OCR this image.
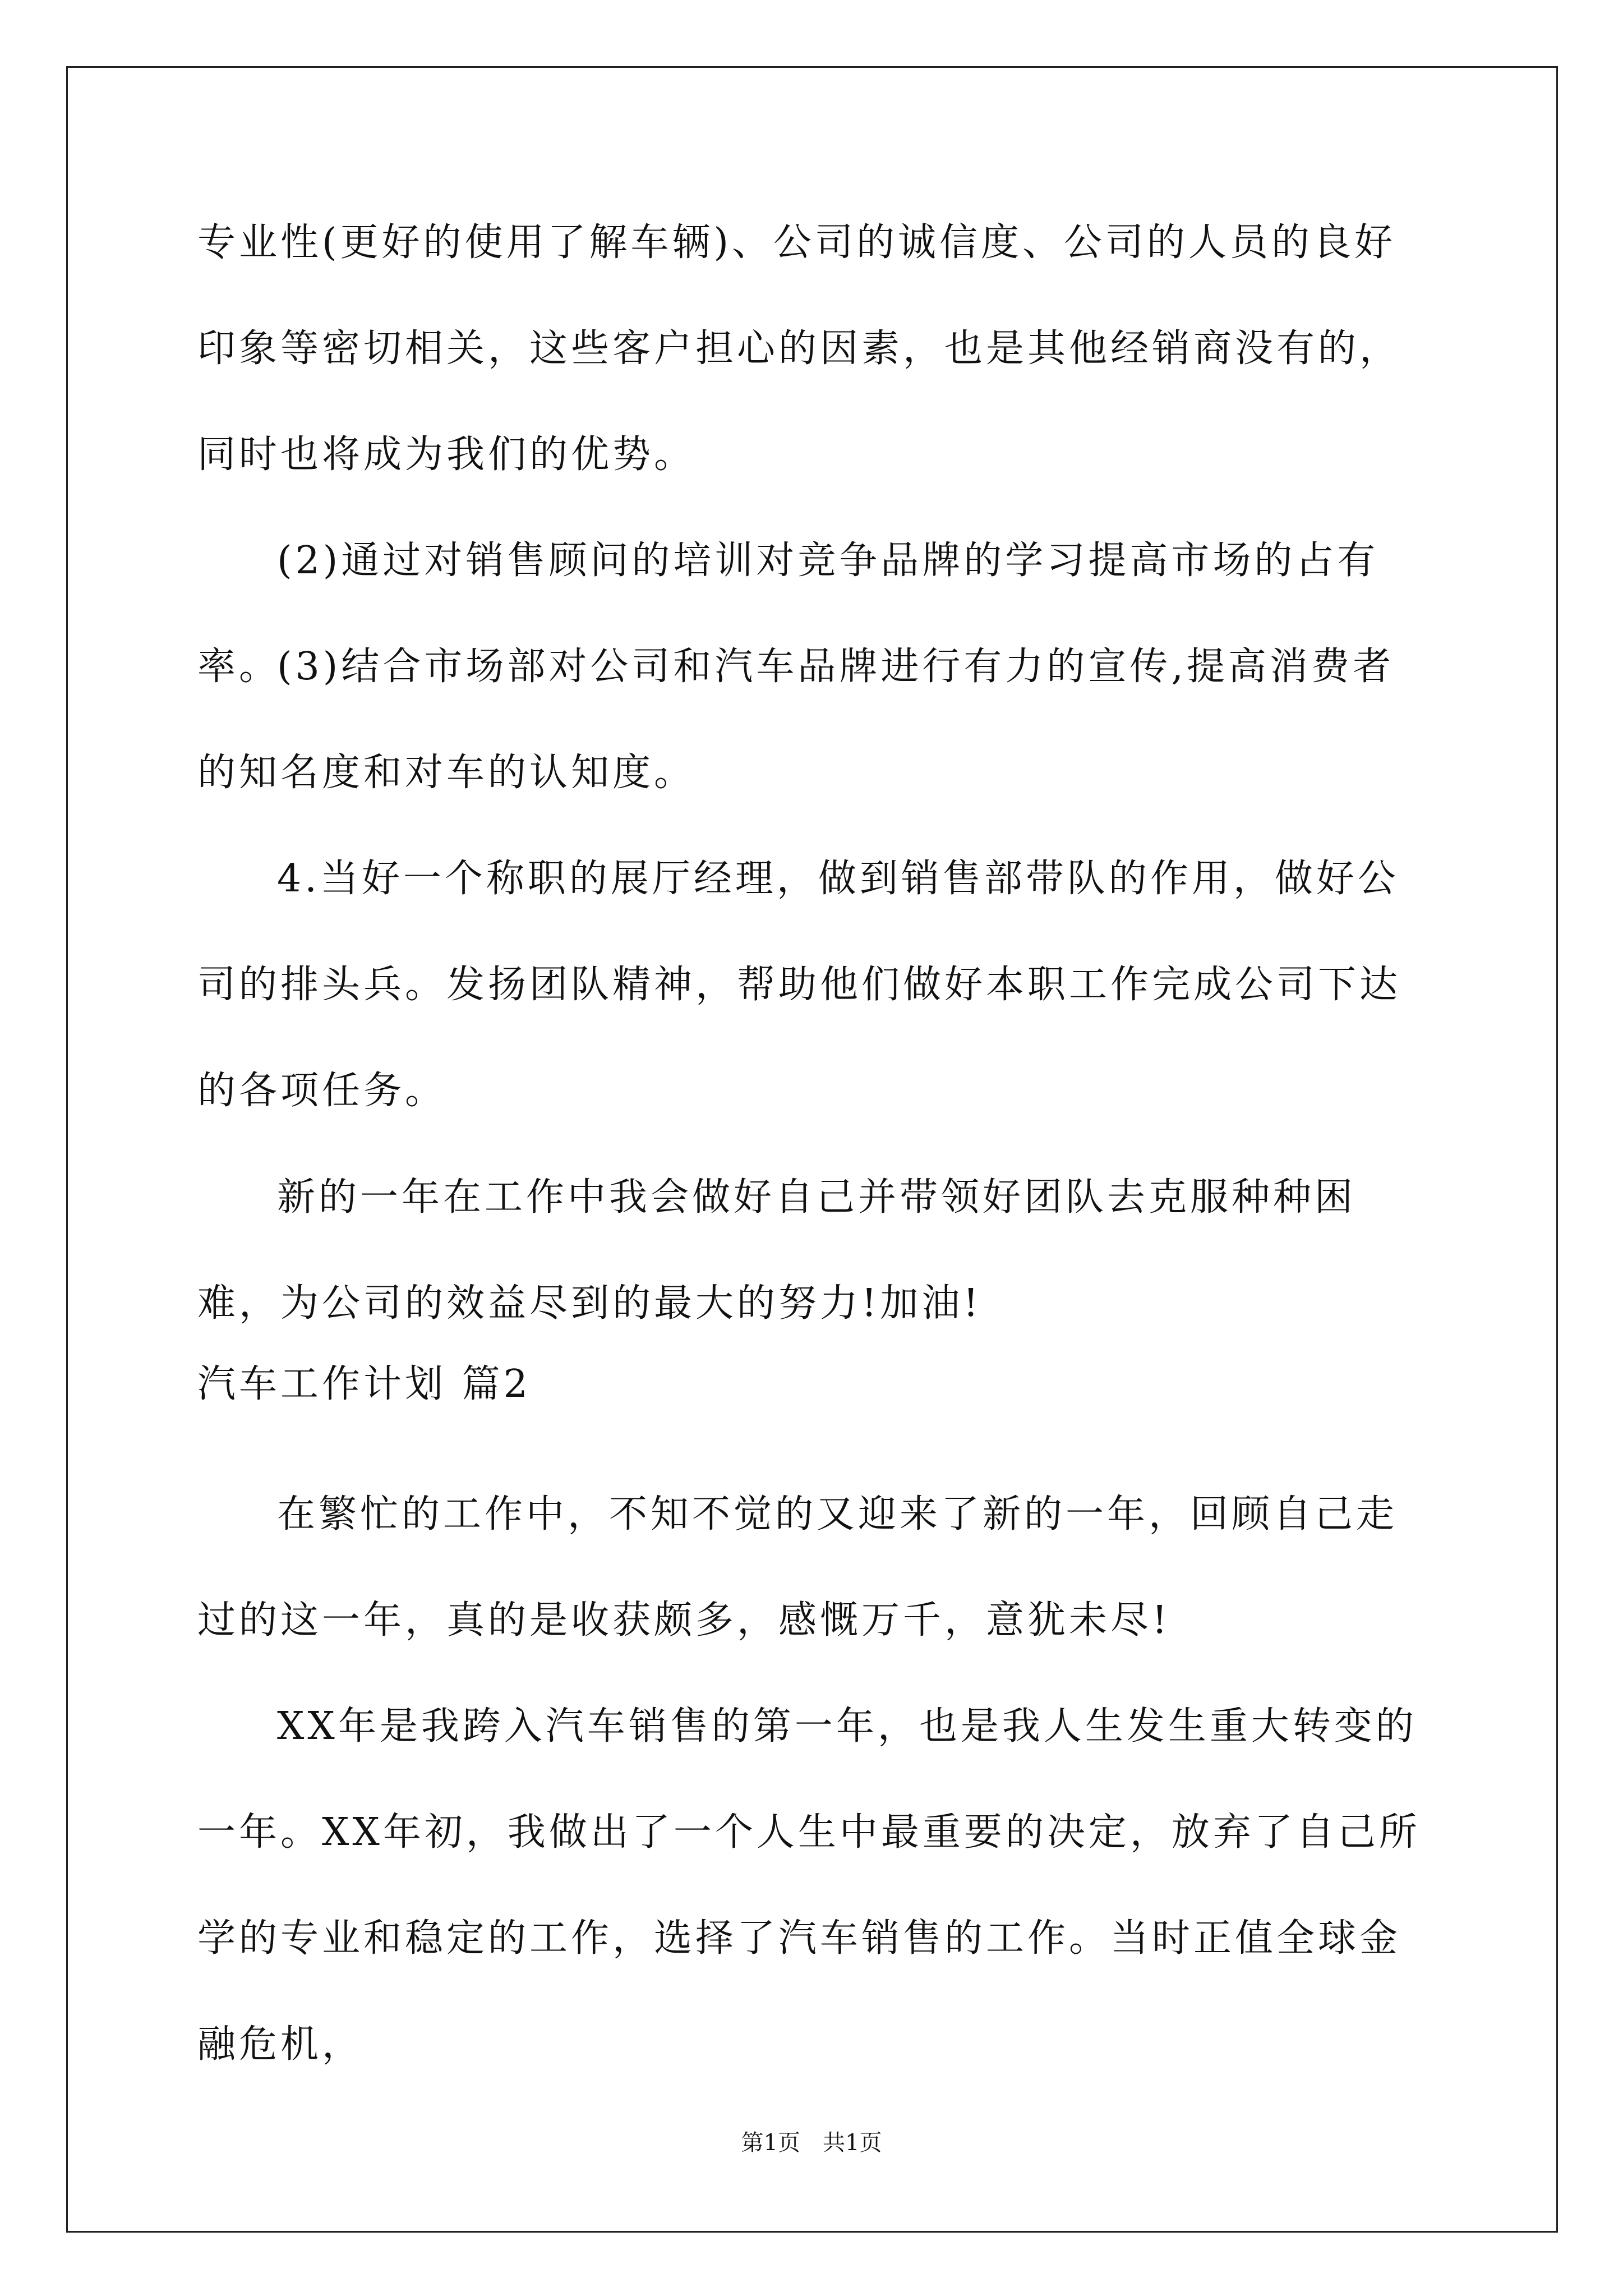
专业性(更好的使用了解车辆)、公司的诚信度、公司的人员的良好印象等密切相关，这些客户担心的因素，也是其他经销商没有的，同时也将成为我们的优势。

(2)通过对销售顾问的培训对竞争品牌的学习提高市场的占有率。

(3)结合市场部对公司和汽车品牌进行有力的宣传,提高消费者的知名度和对车的认知度。

4.当好一个称职的展厅经理，做到销售部带队的作用，做好公司的排头兵。发扬团队精神，帮助他们做好本职工作完成公司下达的各项任务。

新的一年在工作中我会做好自己并带领好团队去克服种种困难，为公司的效益尽到的最大的努力!加油!

汽车工作计划 篇2

在繁忙的工作中，不知不觉的又迎来了新的一年，回顾自己走过的这一年，真的是收获颇多，感慨万千，意犹未尽!

XX年是我跨入汽车销售的第一年，也是我人生发生重大转变的一年。XX年初，我做出了一个人生中最重要的决定，放弃了自己所学的专业和稳定的工作，选择了汽车销售的工作。当时正值全球金融危机，

第1页　共1页
